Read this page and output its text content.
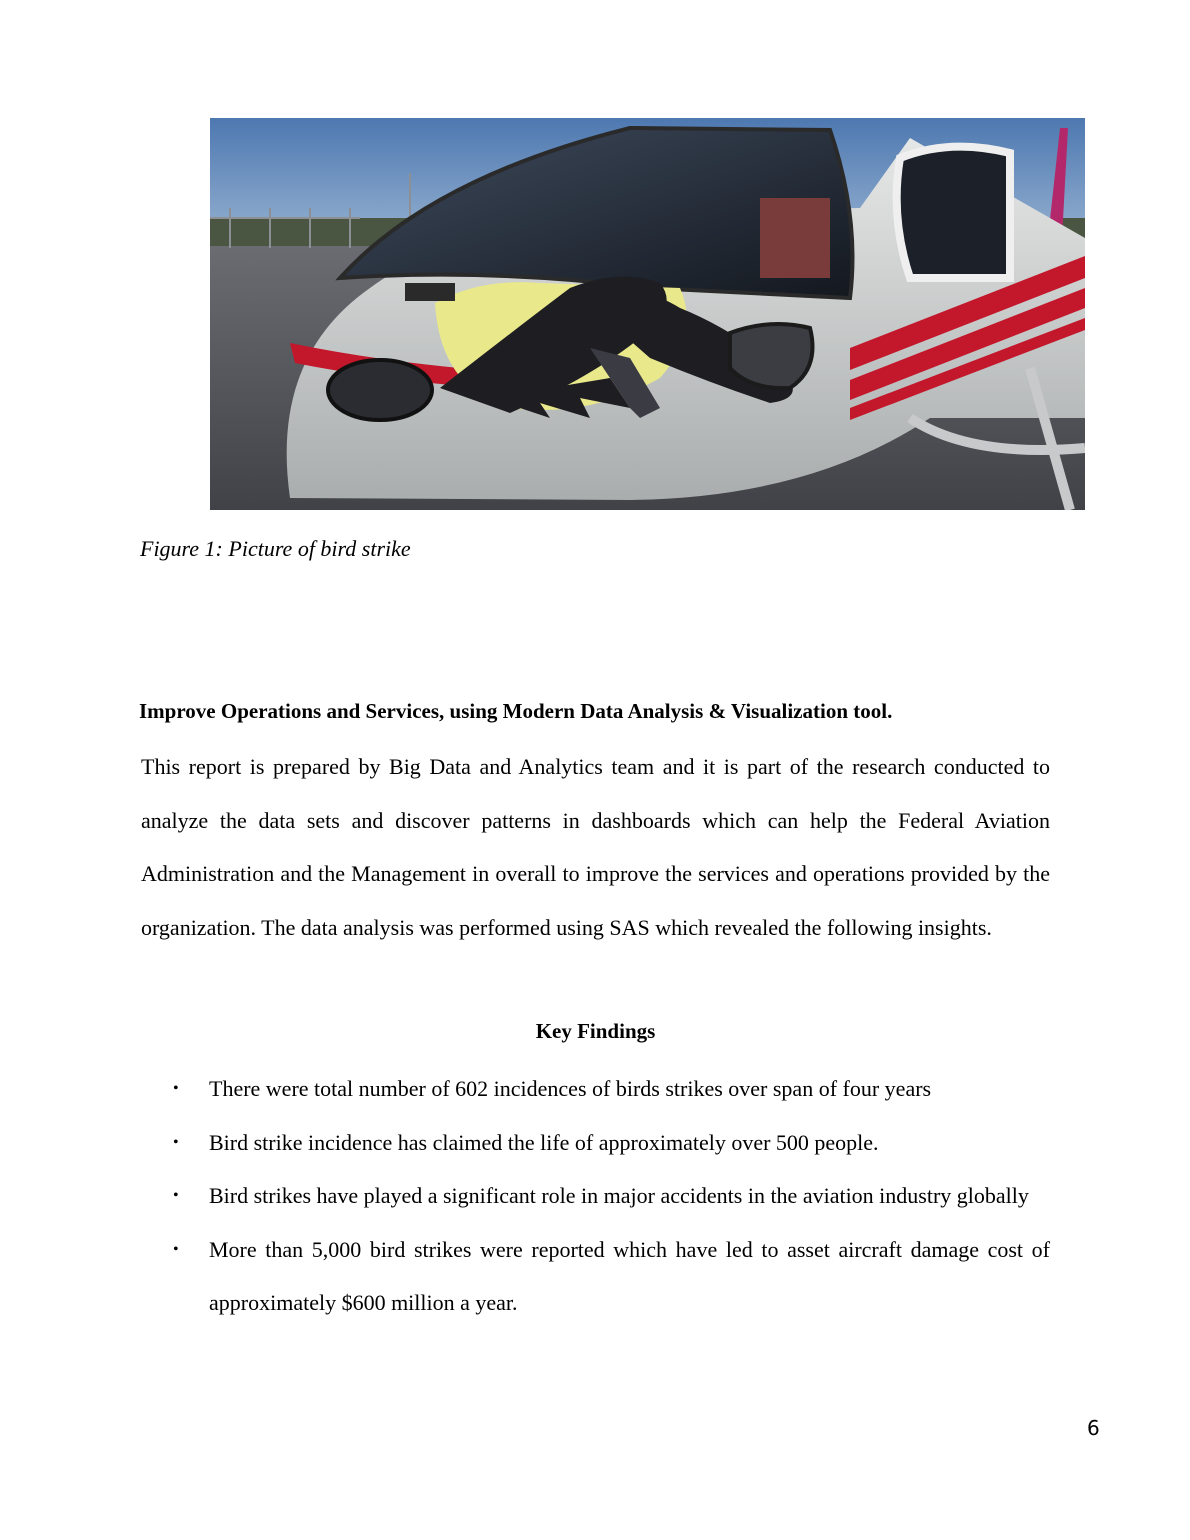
Figure 1: Picture of bird strike
Improve Operations and Services, using Modern Data Analysis & Visualization tool.

This report is prepared by Big Data and Analytics team and it is part of the research conducted to analyze the data sets and discover patterns in dashboards which can help the Federal Aviation Administration and the Management in overall to improve the services and operations provided by the organization. The data analysis was performed using SAS which revealed the following insights.

Key Findings
• There were total number of 602 incidences of birds strikes over span of four years
• Bird strike incidence has claimed the life of approximately over 500 people.
• Bird strikes have played a significant role in major accidents in the aviation industry globally
• More than 5,000 bird strikes were reported which have led to asset aircraft damage cost of approximately $600 million a year.
6
